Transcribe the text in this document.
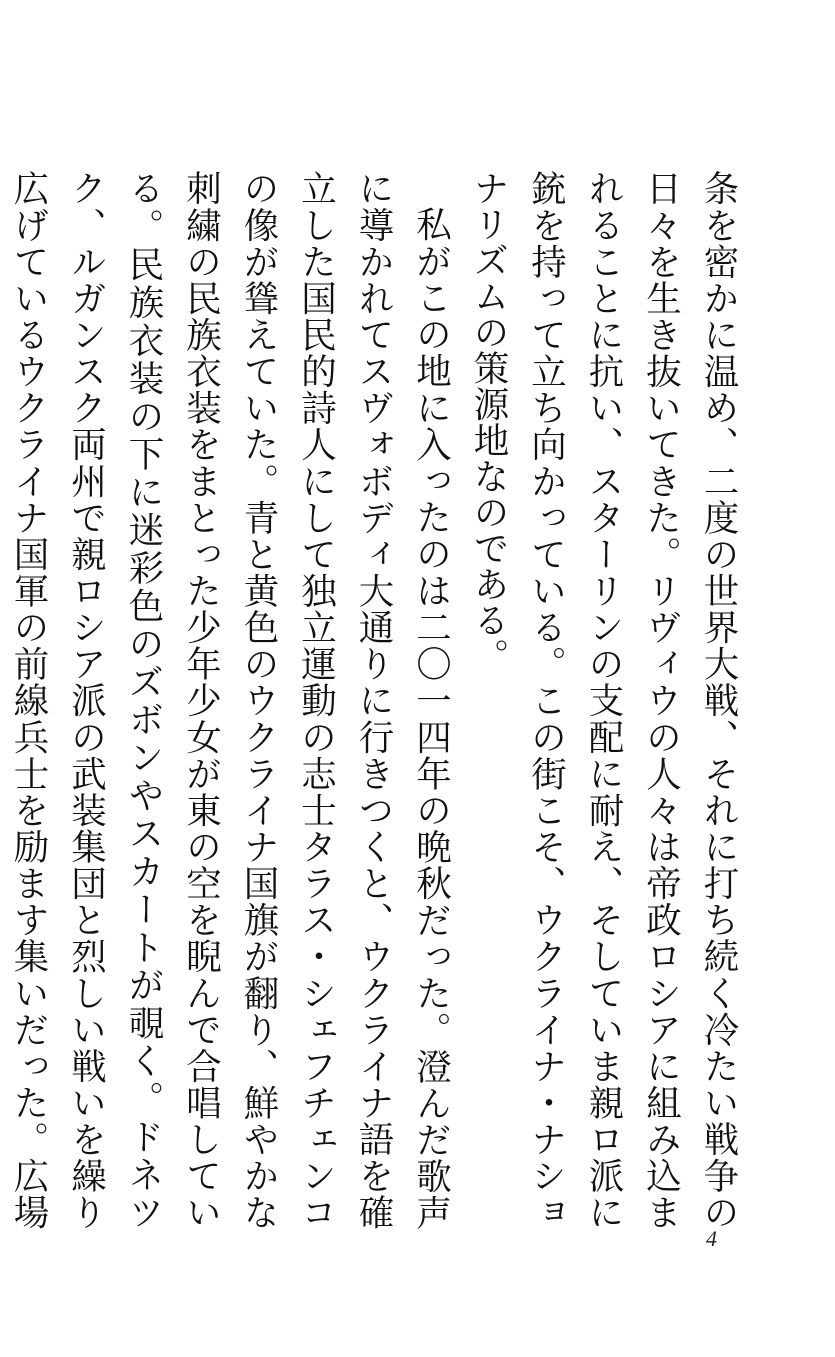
条を密かに温め、二度の世界大戦、それに打ち続く冷たい戦争の日々を生き抜いてきた。リヴィウの人々は帝政ロシアに組み込まれることに抗い、スターリンの支配に耐え、そしていま親ロ派に銃を持って立ち向かっている。この街こそ、ウクライナ・ナショナリズムの策源地なのである。

私がこの地に入ったのは二〇一四年の晩秋だった。澄んだ歌声に導かれてスヴォボディ大通りに行きつくと、ウクライナ語を確立した国民的詩人にして独立運動の志士タラス・シェフチェンコの像が聳えていた。青と黄色のウクライナ国旗が翻り、鮮やかな刺繍の民族衣装をまとった少年少女が東の空を睨んで合唱している。民族衣装の下に迷彩色のズボンやスカートが覗く。ドネツク、ルガンスク両州で親ロシア派の武装集団と烈しい戦いを繰り広げているウクライナ国軍の前線兵士を励ます集いだった。広場

4
